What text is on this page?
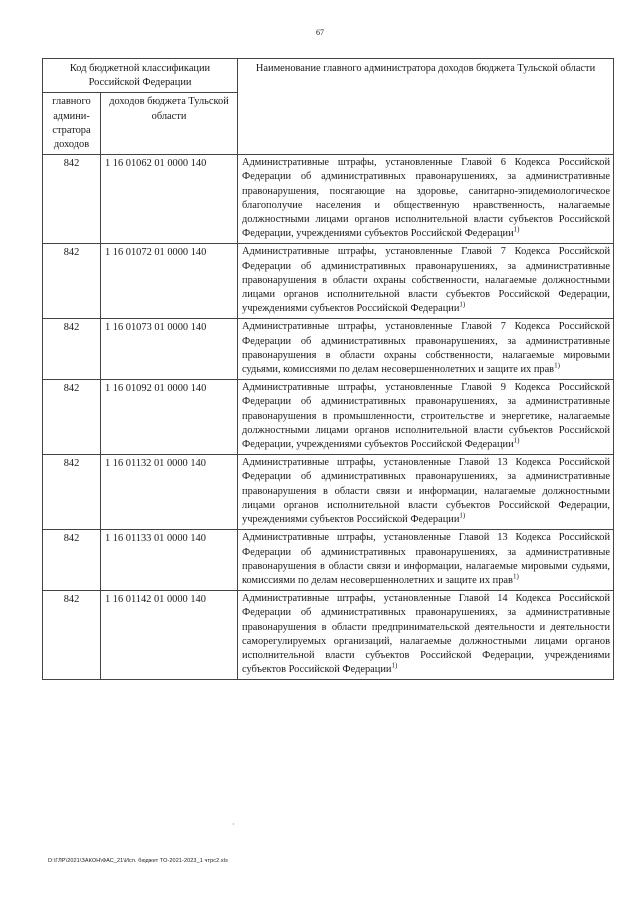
67
Код бюджетной классификации Российской Федерации		Наименование главного администратора доходов бюджета Тульской области
главного админи-стратора доходов	доходов бюджета Тульской области	
842	1 16 01062 01 0000 140	Административные штрафы, установленные Главой 6 Кодекса Российской Федерации об административных правонарушениях, за административные правонарушения, посягающие на здоровье, санитарно-эпидемиологическое благополучие населения и общественную нравственность, налагаемые должностными лицами органов исполнительной власти субъектов Российской Федерации, учреждениями субъектов Российской Федерации$^{1)}$
842	1 16 01072 01 0000 140	Административные штрафы, установленные Главой 7 Кодекса Российской Федерации об административных правонарушениях, за административные правонарушения в области охраны собственности, налагаемые должностными лицами органов исполнительной власти субъектов Российской Федерации, учреждениями субъектов Российской Федерации$^{1)}$
842	1 16 01073 01 0000 140	Административные штрафы, установленные Главой 7 Кодекса Российской Федерации об административных правонарушениях, за административные правонарушения в области охраны собственности, налагаемые мировыми судьями, комиссиями по делам несовершеннолетних и защите их прав$^{1)}$
842	1 16 01092 01 0000 140	Административные штрафы, установленные Главой 9 Кодекса Российской Федерации об административных правонарушениях, за административные правонарушения в промышленности, строительстве и энергетике, налагаемые должностными лицами органов исполнительной власти субъектов Российской Федерации, учреждениями субъектов Российской Федерации$^{1)}$
842	1 16 01132 01 0000 140	Административные штрафы, установленные Главой 13 Кодекса Российской Федерации об административных правонарушениях, за административные правонарушения в области связи и информации, налагаемые должностными лицами органов исполнительной власти субъектов Российской Федерации, учреждениями субъектов Российской Федерации$^{1)}$
842	1 16 01133 01 0000 140	Административные штрафы, установленные Главой 13 Кодекса Российской Федерации об административных правонарушениях, за административные правонарушения в области связи и информации, налагаемые мировыми судьями, комиссиями по делам несовершеннолетних и защите их прав$^{1)}$
842	1 16 01142 01 0000 140	Административные штрафы, установленные Главой 14 Кодекса Российской Федерации об административных правонарушениях, за административные правонарушения в области предпринимательской деятельности и деятельности саморегулируемых организаций, налагаемые должностными лицами органов исполнительной власти субъектов Российской Федерации, учреждениями субъектов Российской Федерации$^{1)}$
·
D:\ГЛР\2021\ЗАКОН\ФАС_21\Исп. бюджет ТО-2021-2023_1 чтрс2.xls
